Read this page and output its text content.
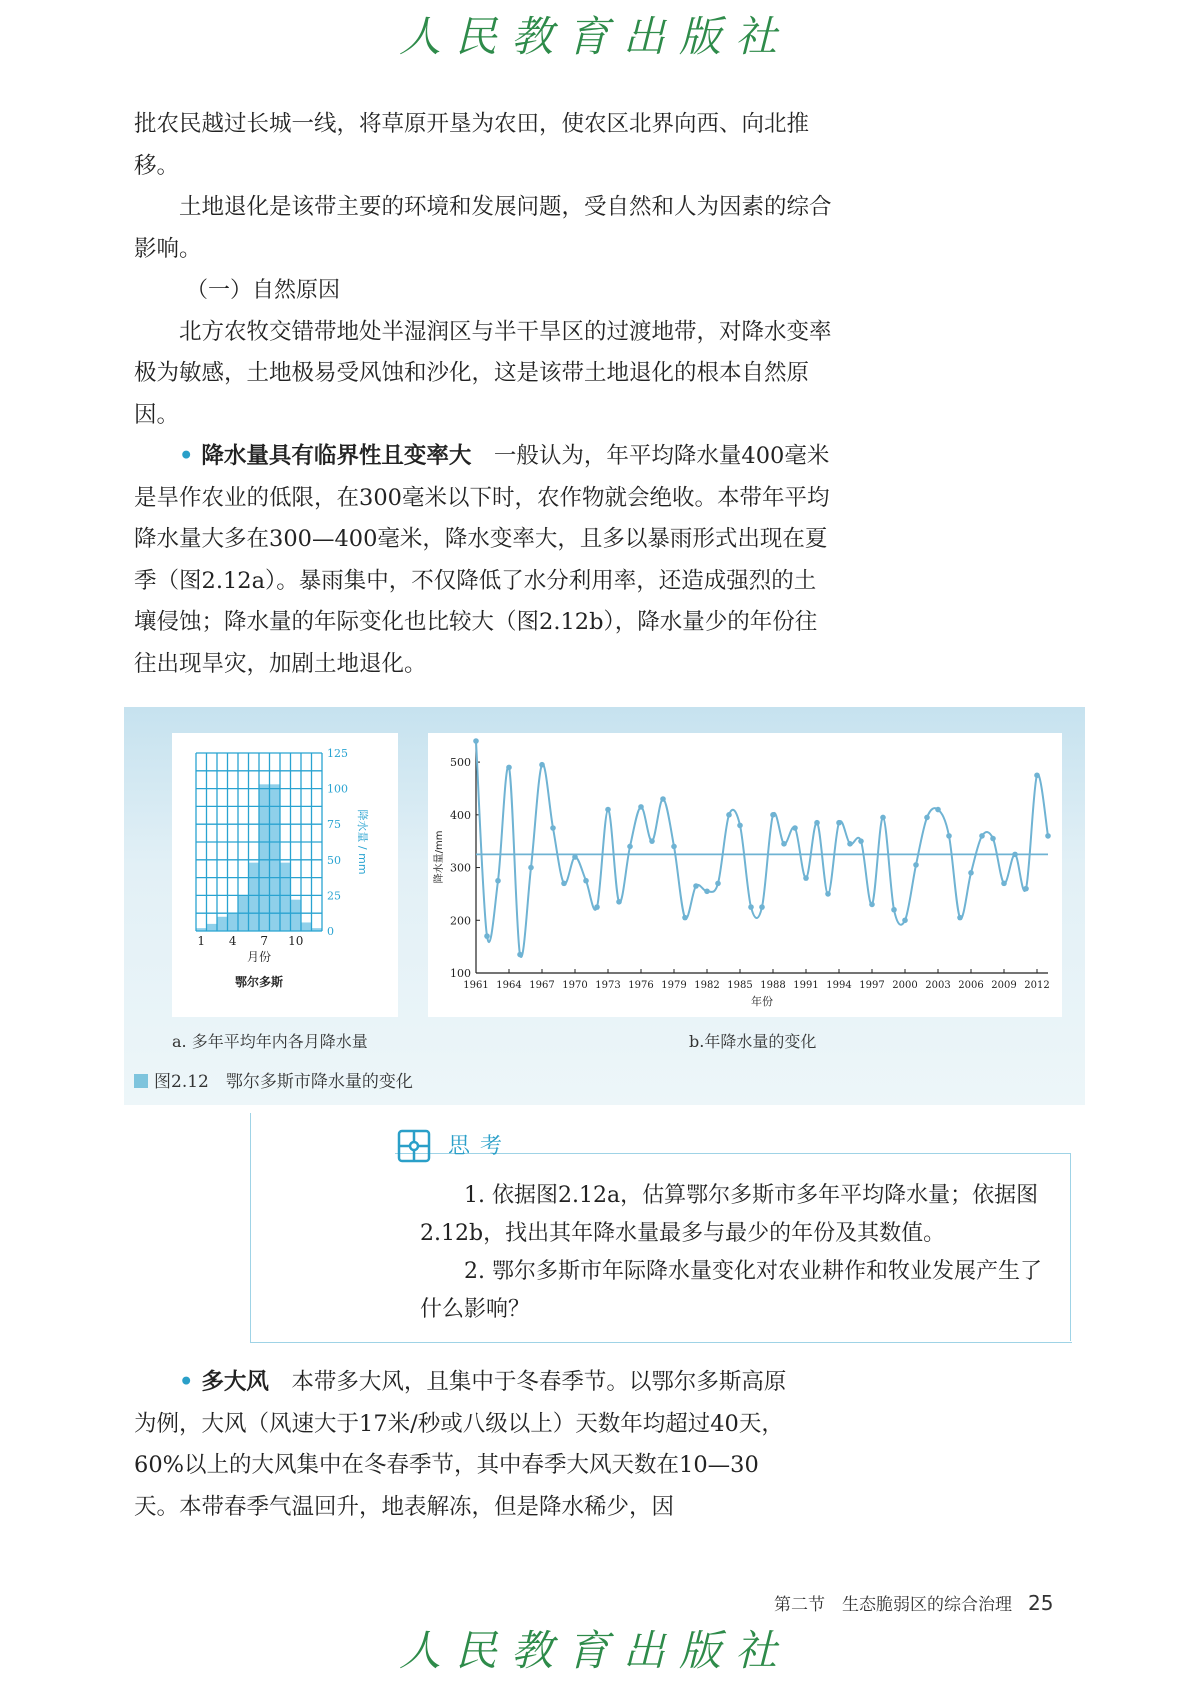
人民教育出版社

批农民越过长城一线，将草原开垦为农田，使农区北界向西、向北推移。

土地退化是该带主要的环境和发展问题，受自然和人为因素的综合影响。

（一）自然原因

北方农牧交错带地处半湿润区与半干旱区的过渡地带，对降水变率极为敏感，土地极易受风蚀和沙化，这是该带土地退化的根本自然原因。

• 降水量具有临界性且变率大　 一般认为，年平均降水量400毫米是旱作农业的低限，在300毫米以下时，农作物就会绝收。本带年平均降水量大多在300—400毫米，降水变率大，且多以暴雨形式出现在夏季（图2.12a）。暴雨集中，不仅降低了水分利用率，还造成强烈的土壤侵蚀；降水量的年际变化也比较大（图2.12b），降水量少的年份往往出现旱灾，加剧土地退化。

0
25
50
75
100
125
降水量 / mm
1 4 7 10
月份
鄂尔多斯
100
200
300
400
500
1961 1964 1967 1970 1973 1976 1979 1982 1985 1988 1991 1994 1997 2000 2003 2006 2009 2012
年份
降水量/mm
a. 多年平均年内各月降水量	b.年降水量的变化
图2.12　 鄂尔多斯市降水量的变化
思考

1. 依据图2.12a，估算鄂尔多斯市多年平均降水量；依据图2.12b，找出其年降水量最多与最少的年份及其数值。

2. 鄂尔多斯市年际降水量变化对农业耕作和牧业发展产生了什么影响？

• 多大风　 本带多大风，且集中于冬春季节。以鄂尔多斯高原为例，大风（风速大于17米/秒或八级以上）天数年均超过40天，60%以上的大风集中在冬春季节，其中春季大风天数在10—30天。本带春季气温回升，地表解冻，但是降水稀少，因

第二节　生态脆弱区的综合治理 25
人民教育出版社
